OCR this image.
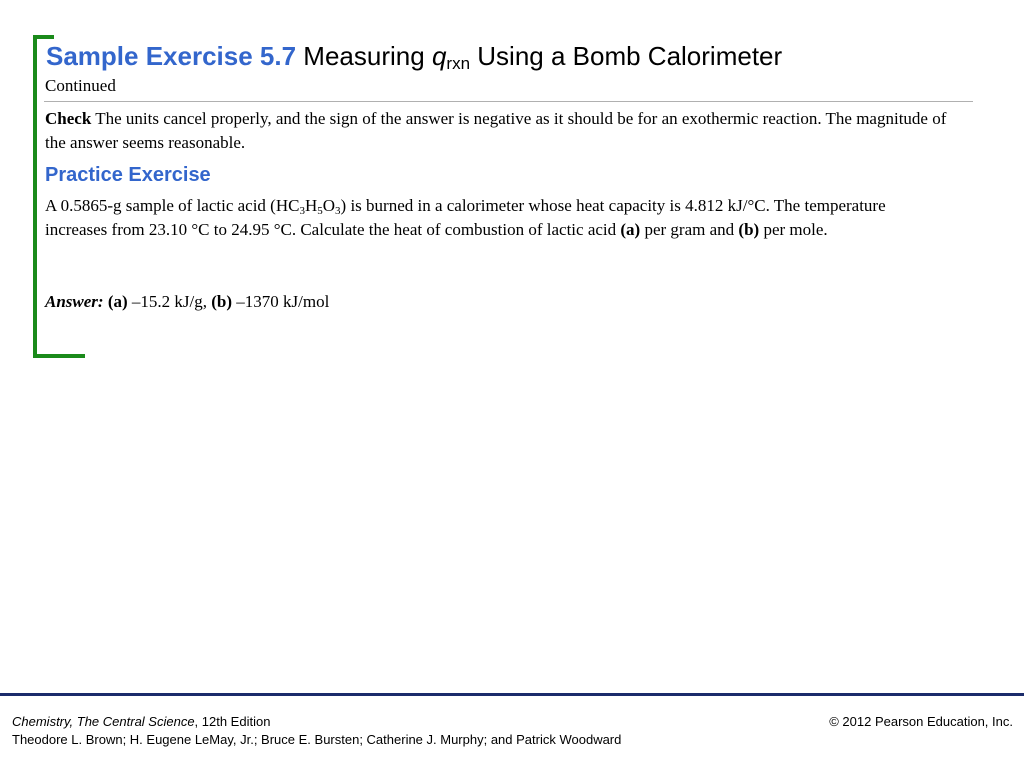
Sample Exercise 5.7 Measuring $q_{rxn}$ Using a Bomb Calorimeter
Continued
Check The units cancel properly, and the sign of the answer is negative as it should be for an exothermic reaction. The magnitude of the answer seems reasonable.
Practice Exercise
A 0.5865-g sample of lactic acid $(HC_3H_5O_3)$ is burned in a calorimeter whose heat capacity is 4.812 kJ/°C. The temperature increases from 23.10 °C to 24.95 °C. Calculate the heat of combustion of lactic acid (a) per gram and (b) per mole.
Answer: (a) –15.2 kJ/g, (b) –1370 kJ/mol
Chemistry, The Central Science, 12th Edition
Theodore L. Brown; H. Eugene LeMay, Jr.; Bruce E. Bursten; Catherine J. Murphy; and Patrick Woodward
© 2012 Pearson Education, Inc.
